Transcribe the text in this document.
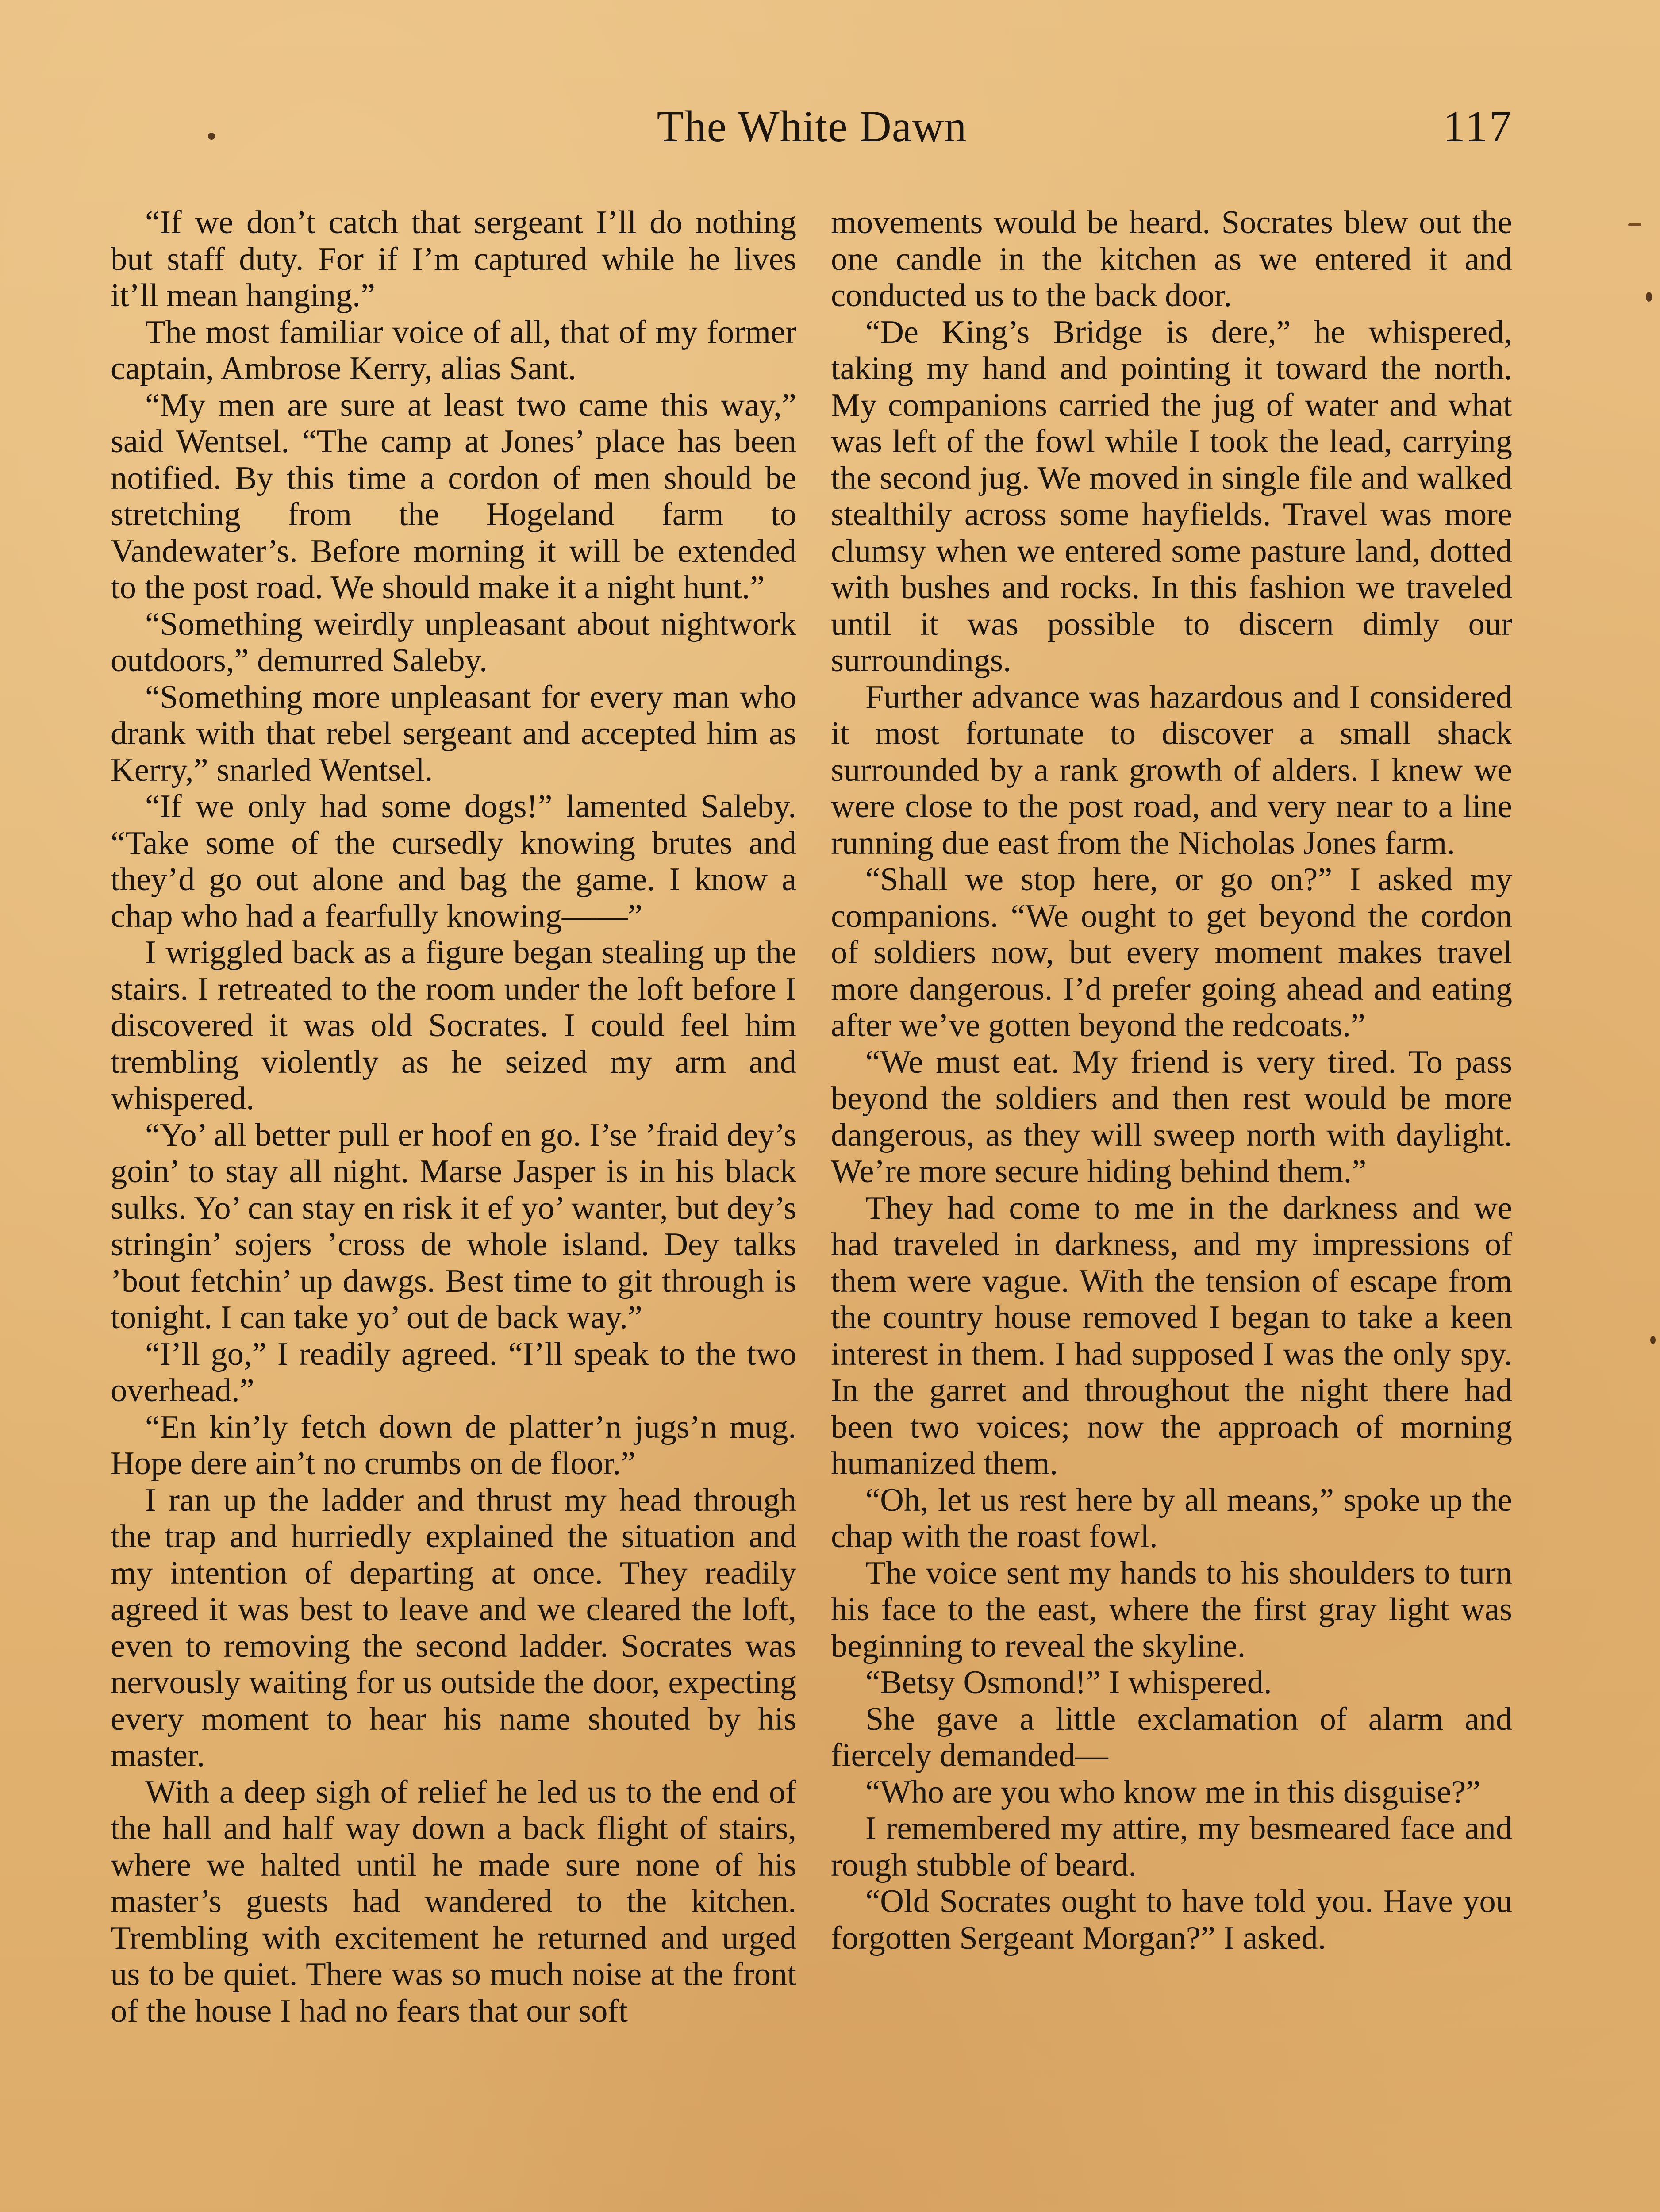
The White Dawn	117

“If we don’t catch that sergeant I’ll do nothing but staff duty. For if I’m captured while he lives it’ll mean hanging.”

The most familiar voice of all, that of my former captain, Ambrose Kerry, alias Sant.

“My men are sure at least two came this way,” said Wentsel. “The camp at Jones’ place has been notified. By this time a cordon of men should be stretching from the Hogeland farm to Vandewater’s. Before morning it will be extended to the post road. We should make it a night hunt.”

“Something weirdly unpleasant about nightwork outdoors,” demurred Saleby.

“Something more unpleasant for every man who drank with that rebel sergeant and accepted him as Kerry,” snarled Wentsel.

“If we only had some dogs!” lamented Saleby. “Take some of the cursedly knowing brutes and they’d go out alone and bag the game. I know a chap who had a fearfully knowing——”

I wriggled back as a figure began stealing up the stairs. I retreated to the room under the loft before I discovered it was old Socrates. I could feel him trembling violently as he seized my arm and whispered.

“Yo’ all better pull er hoof en go. I’se ’fraid dey’s goin’ to stay all night. Marse Jasper is in his black sulks. Yo’ can stay en risk it ef yo’ wanter, but dey’s stringin’ sojers ’cross de whole island. Dey talks ’bout fetchin’ up dawgs. Best time to git through is tonight. I can take yo’ out de back way.”

“I’ll go,” I readily agreed. “I’ll speak to the two overhead.”

“En kin’ly fetch down de platter’n jugs’n mug. Hope dere ain’t no crumbs on de floor.”

I ran up the ladder and thrust my head through the trap and hurriedly explained the situation and my intention of departing at once. They readily agreed it was best to leave and we cleared the loft, even to removing the second ladder. Socrates was nervously waiting for us outside the door, expecting every moment to hear his name shouted by his master.

With a deep sigh of relief he led us to the end of the hall and half way down a back flight of stairs, where we halted until he made sure none of his master’s guests had wandered to the kitchen. Trembling with excitement he returned and urged us to be quiet. There was so much noise at the front of the house I had no fears that our soft

movements would be heard. Socrates blew out the one candle in the kitchen as we entered it and conducted us to the back door.

“De King’s Bridge is dere,” he whispered, taking my hand and pointing it toward the north. My companions carried the jug of water and what was left of the fowl while I took the lead, carrying the second jug. We moved in single file and walked stealthily across some hayfields. Travel was more clumsy when we entered some pasture land, dotted with bushes and rocks. In this fashion we traveled until it was possible to discern dimly our surroundings.

Further advance was hazardous and I considered it most fortunate to discover a small shack surrounded by a rank growth of alders. I knew we were close to the post road, and very near to a line running due east from the Nicholas Jones farm.

“Shall we stop here, or go on?” I asked my companions. “We ought to get beyond the cordon of soldiers now, but every moment makes travel more dangerous. I’d prefer going ahead and eating after we’ve gotten beyond the redcoats.”

“We must eat. My friend is very tired. To pass beyond the soldiers and then rest would be more dangerous, as they will sweep north with daylight. We’re more secure hiding behind them.”

They had come to me in the darkness and we had traveled in darkness, and my impressions of them were vague. With the tension of escape from the country house removed I began to take a keen interest in them. I had supposed I was the only spy. In the garret and throughout the night there had been two voices; now the approach of morning humanized them.

“Oh, let us rest here by all means,” spoke up the chap with the roast fowl.

The voice sent my hands to his shoulders to turn his face to the east, where the first gray light was beginning to reveal the skyline.

“Betsy Osmond!” I whispered.

She gave a little exclamation of alarm and fiercely demanded—

“Who are you who know me in this disguise?”

I remembered my attire, my besmeared face and rough stubble of beard.

“Old Socrates ought to have told you. Have you forgotten Sergeant Morgan?” I asked.
